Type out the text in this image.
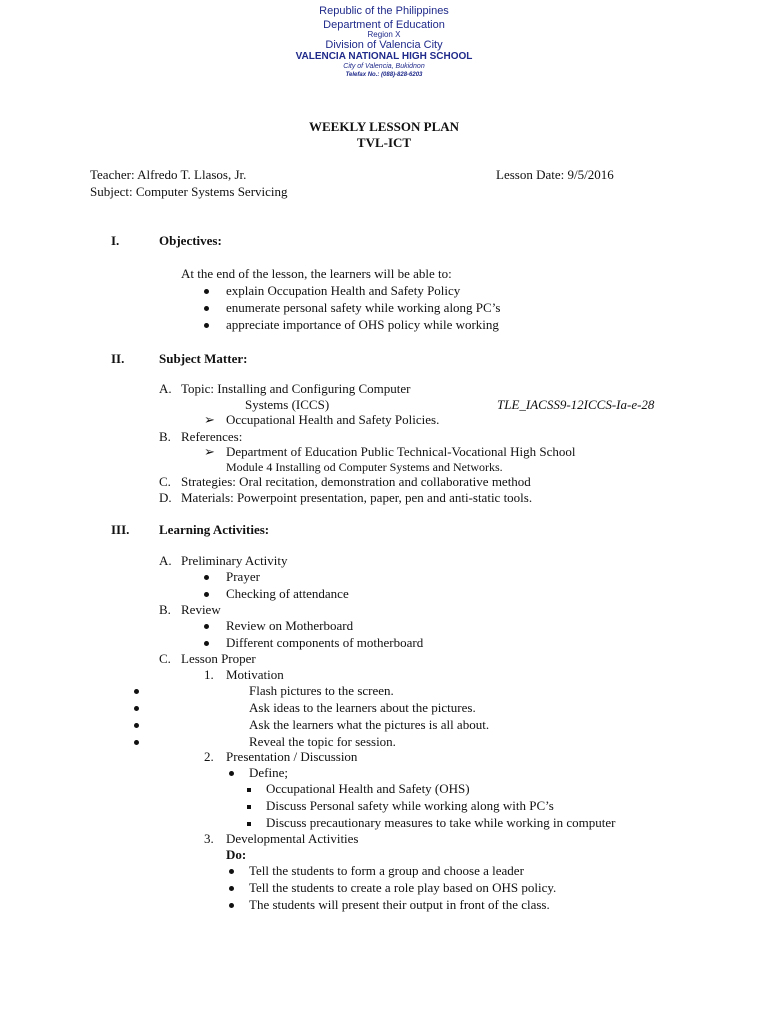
Republic of the Philippines
Department of Education
Region X
Division of Valencia City
VALENCIA NATIONAL HIGH SCHOOL
City of Valencia, Bukidnon
Telefax No.: (088)-828-6203
WEEKLY LESSON PLAN
TVL-ICT
Teacher: Alfredo T. Llasos, Jr.	Lesson Date: 9/5/2016
Subject: Computer Systems Servicing
I.	Objectives:
At the end of the lesson, the learners will be able to:
explain Occupation Health and Safety Policy
enumerate personal safety while working along PC’s
appreciate importance of OHS policy while working
II.	Subject Matter:
A. Topic: Installing and Configuring Computer
Systems (ICCS)	TLE_IACSS9-12ICCS-Ia-e-28
➢ Occupational Health and Safety Policies.
B. References:
➢ Department of Education Public Technical-Vocational High School
Module 4 Installing od Computer Systems and Networks.
C. Strategies: Oral recitation, demonstration and collaborative method
D. Materials: Powerpoint presentation, paper, pen and anti-static tools.
III. Learning Activities:
A. Preliminary Activity
Prayer
Checking of attendance
B. Review
Review on Motherboard
Different components of motherboard
C. Lesson Proper
1. Motivation
Flash pictures to the screen.
Ask ideas to the learners about the pictures.
Ask the learners what the pictures is all about.
Reveal the topic for session.
2. Presentation / Discussion
Define;
Occupational Health and Safety (OHS)
Discuss Personal safety while working along with PC’s
Discuss precautionary measures to take while working in computer
3. Developmental Activities
Do:
Tell the students to form a group and choose a leader
Tell the students to create a role play based on OHS policy.
The students will present their output in front of the class.
